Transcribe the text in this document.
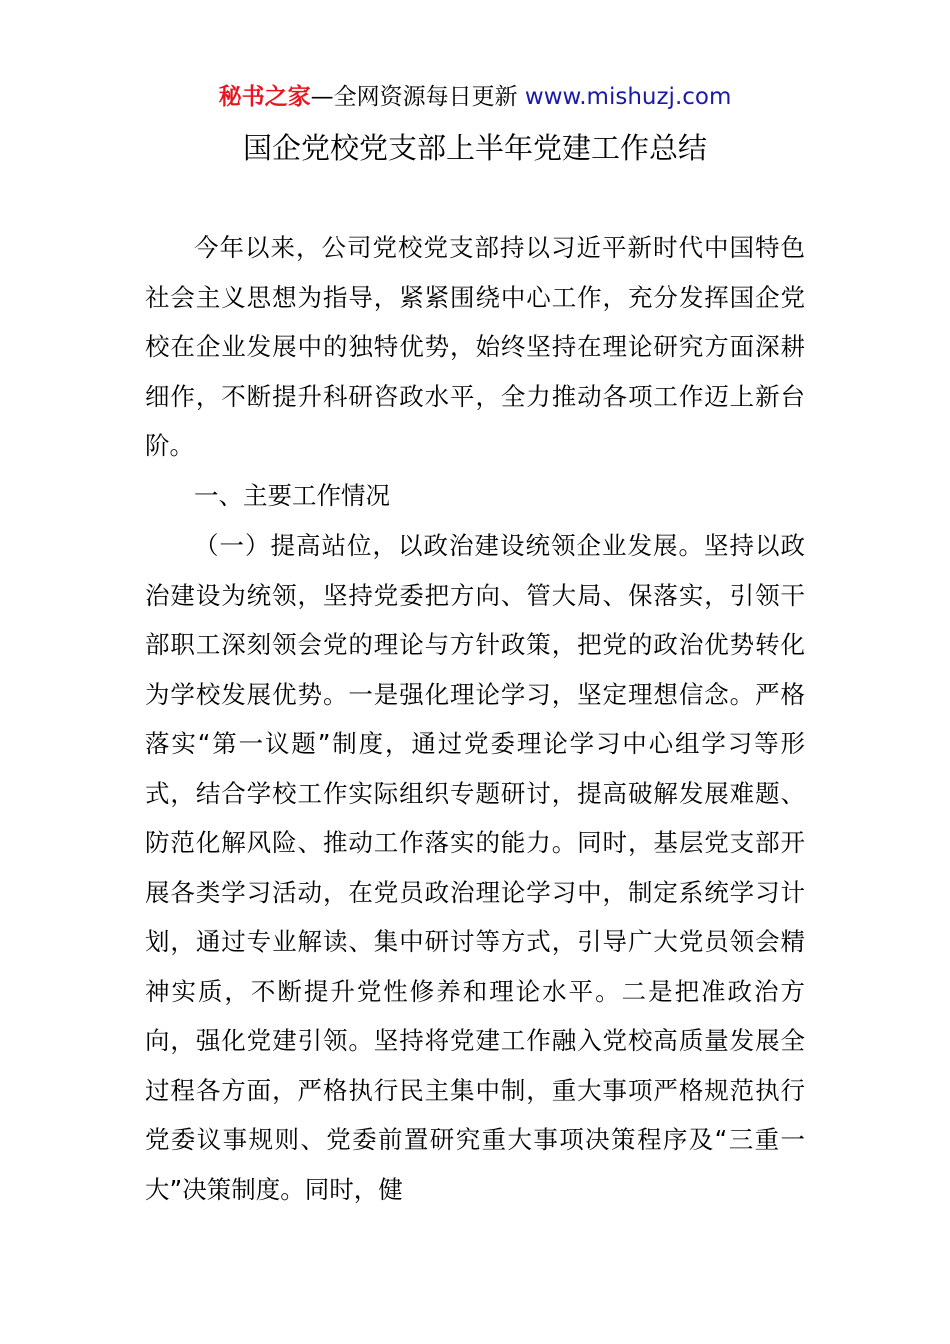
秘书之家—全网资源每日更新 www.mishuzj.com
国企党校党支部上半年党建工作总结

今年以来，公司党校党支部持以习近平新时代中国特色社会主义思想为指导，紧紧围绕中心工作，充分发挥国企党校在企业发展中的独特优势，始终坚持在理论研究方面深耕细作，不断提升科研咨政水平，全力推动各项工作迈上新台阶。

一、主要工作情况

（一）提高站位，以政治建设统领企业发展。坚持以政治建设为统领，坚持党委把方向、管大局、保落实，引领干部职工深刻领会党的理论与方针政策，把党的政治优势转化为学校发展优势。一是强化理论学习，坚定理想信念。严格落实“第一议题”制度，通过党委理论学习中心组学习等形式，结合学校工作实际组织专题研讨，提高破解发展难题、防范化解风险、推动工作落实的能力。同时，基层党支部开展各类学习活动，在党员政治理论学习中，制定系统学习计划，通过专业解读、集中研讨等方式，引导广大党员领会精神实质，不断提升党性修养和理论水平。二是把准政治方向，强化党建引领。坚持将党建工作融入党校高质量发展全过程各方面，严格执行民主集中制，重大事项严格规范执行党委议事规则、党委前置研究重大事项决策程序及“三重一大”决策制度。同时，健
